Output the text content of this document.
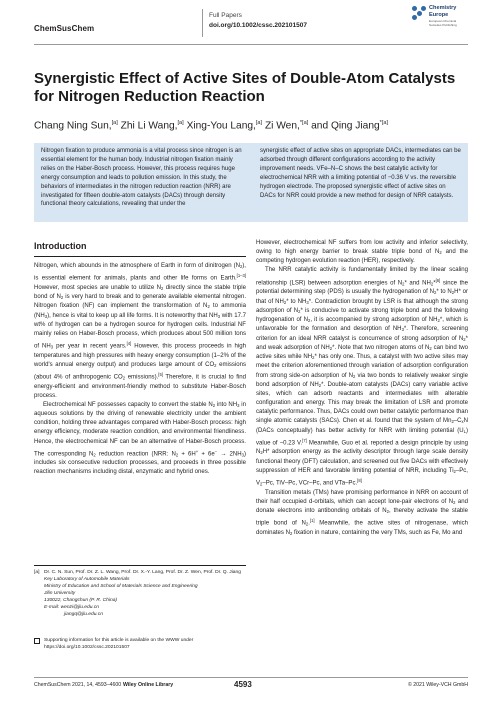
ChemSusChem
Full Papers
doi.org/10.1002/cssc.202101507
Chemistry
Europe
European Chemical
Societies Publishing
Synergistic Effect of Active Sites of Double-Atom Catalysts for Nitrogen Reduction Reaction
Chang Ning Sun,[a] Zhi Li Wang,[a] Xing-You Lang,[a] Zi Wen,$^{*[a]}$ and Qing Jiang$^{*[a]}$
Nitrogen fixation to produce ammonia is a vital process since nitrogen is an essential element for the human body. Industrial nitrogen fixation mainly relies on the Haber-Bosch process. However, this process requires huge energy consumption and leads to pollution emission. In this study, the behaviors of intermediates in the nitrogen reduction reaction (NRR) are investigated for fifteen double-atom catalysts (DACs) through density functional theory calculations, revealing that under the
synergistic effect of active sites on appropriate DACs, intermediates can be adsorbed through different configurations according to the activity improvement needs. VFe–N–C shows the best catalytic activity for electrochemical NRR with a limiting potential of −0.36 V vs. the reversible hydrogen electrode. The proposed synergistic effect of active sites on DACs for NRR could provide a new method for design of NRR catalysts.
Introduction

Nitrogen, which abounds in the atmosphere of Earth in form of dinitrogen $(N_2)$, is essential element for animals, plants and other life forms on Earth.[1–3] However, most species are unable to utilize $N_2$ directly since the stable triple bond of $N_2$ is very hard to break and to generate available elemental nitrogen. Nitrogen fixation (NF) can implement the transformation of $N_2$ to ammonia $(NH_3)$, hence is vital to keep up all life forms. It is noteworthy that $NH_3$ with 17.7 wt% of hydrogen can be a hydrogen source for hydrogen cells. Industrial NF mainly relies on Haber-Bosch process, which produces about 500 million tons of $NH_3$ per year in recent years.[4] However, this process proceeds in high temperatures and high pressures with heavy energy consumption (1–2% of the world's annual energy output) and produces large amount of $CO_2$ emissions (about 4% of anthropogenic $CO_2$ emissions).[5] Therefore, it is crucial to find energy-efficient and environment-friendly method to substitute Haber-Bosch process.

Electrochemical NF possesses capacity to convert the stable $N_2$ into $NH_3$ in aqueous solutions by the driving of renewable electricity under the ambient condition, holding three advantages compared with Haber-Bosch process: high energy efficiency, moderate reaction condition, and environmental friendliness. Hence, the electrochemical NF can be an alternative of Haber-Bosch process. The corresponding $N_2$ reduction reaction (NRR: $N_2 + 6H^+ + 6e^- \to 2NH_3$) includes six consecutive reduction processes, and proceeds in three possible reaction mechanisms including distal, enzymatic and hybrid ones.

However, electrochemical NF suffers from low activity and inferior selectivity, owing to high energy barrier to break stable triple bond of $N_2$ and the competing hydrogen evolution reaction (HER), respectively.

The NRR catalytic activity is fundamentally limited by the linear scaling relationship (LSR) between adsorption energies of $N_2*$ and $NH_2*[6]$ since the potential determining step (PDS) is usually the hydrogenation of $N_2*$ to $N_2H*$ or that of $NH_2*$ to $NH_3*$. Contradiction brought by LSR is that although the strong adsorption of $N_2*$ is conducive to activate strong triple bond and the following hydrogenation of $N_2$, it is accompanied by strong adsorption of $NH_2*$, which is unfavorable for the formation and desorption of $NH_3*$. Therefore, screening criterion for an ideal NRR catalyst is concurrence of strong adsorption of $N_2*$ and weak adsorption of $NH_2*$. Note that two nitrogen atoms of $N_2$ can bind two active sites while $NH_2*$ has only one. Thus, a catalyst with two active sites may meet the criterion aforementioned through variation of adsorption configuration from strong side-on adsorption of $N_2$ via two bonds to relatively weaker single bond adsorption of $NH_2*$. Double-atom catalysts (DACs) carry variable active sites, which can adsorb reactants and intermediates with alterable configuration and energy. This may break the limitation of LSR and promote catalytic performance. Thus, DACs could own better catalytic performance than single atomic catalysts (SACs). Chen et al. found that the system of $Mn_2-C_xN$ (DACs conceptually) has better activity for NRR with limiting potential $(U_L)$ value of −0.23 V.[7] Meanwhile, Guo et al. reported a design principle by using $N_2H*$ adsorption energy as the activity descriptor through large scale density functional theory (DFT) calculation, and screened out five DACs with effectively suppression of HER and favorable limiting potential of NRR, including $Ti_2-Pc$, $V_2-Pc$, TiV–Pc, VCr–Pc, and VTa–Pc.[8]

Transition metals (TMs) have promising performance in NRR on account of their half occupied d-orbitals, which can accept lone-pair electrons of $N_2$ and donate electrons into antibonding orbitals of $N_2$, thereby activate the stable triple bond of $N_2.[1]$ Meanwhile, the active sites of nitrogenase, which dominates $N_2$ fixation in nature, containing the very TMs, such as Fe, Mo and

[a] Dr. C. N. Sun, Prof. Dr. Z. L. Wang, Prof. Dr. X.-Y. Lang, Prof. Dr. Z. Wen, Prof. Dr. Q. Jiang
Key Laboratory of Automobile Materials
Ministry of Education and School of Materials Science and Engineering
Jilin University
130022, Changchun (P. R. China)
E-mail: wenzi@jlu.edu.cn
jiangq@jlu.edu.cn
Supporting information for this article is available on the WWW under https://doi.org/10.1002/cssc.202101507
ChemSusChem 2021, 14, 4593–4600 Wiley Online Library	4593	© 2021 Wiley-VCH GmbH
